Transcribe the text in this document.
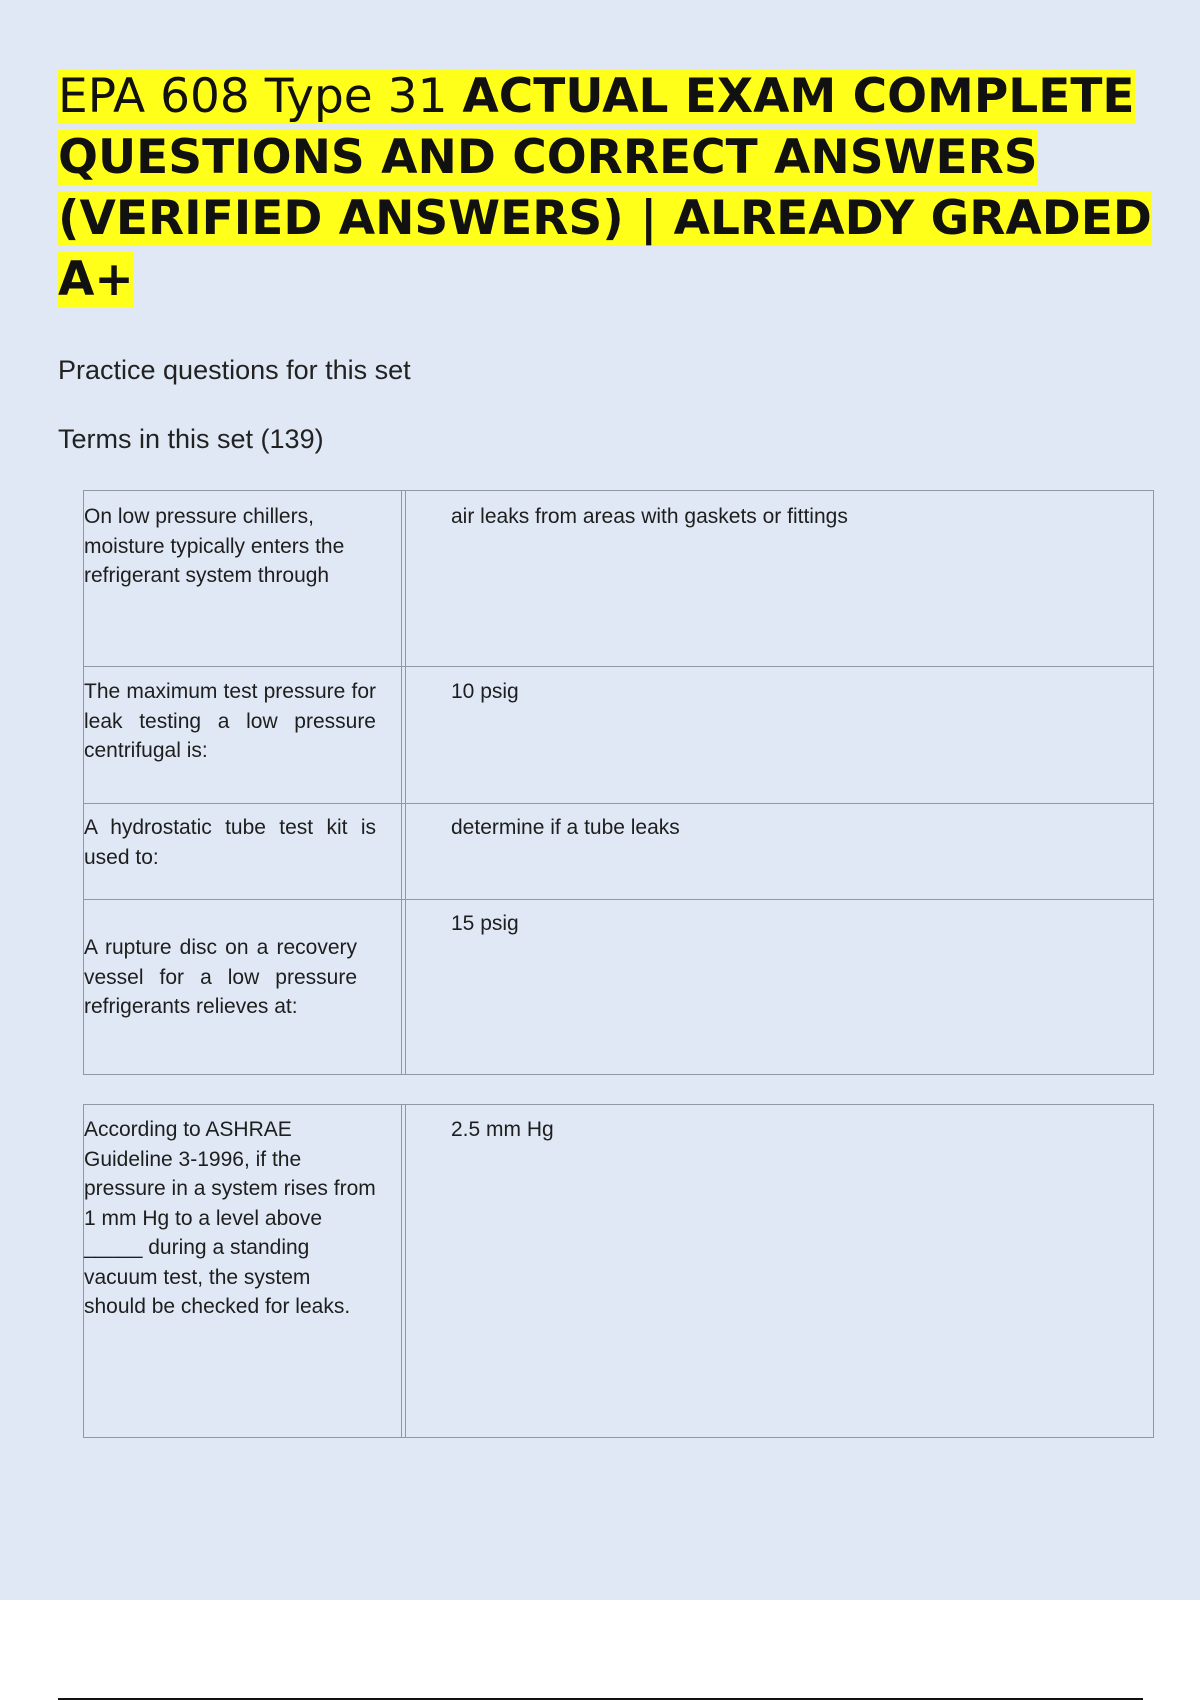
EPA 608 Type 31 ACTUAL EXAM COMPLETE QUESTIONS AND CORRECT ANSWERS (VERIFIED ANSWERS) | ALREADY GRADED A+
Practice questions for this set
Terms in this set (139)
On low pressure chillers, moisture typically enters the refrigerant system through
air leaks from areas with gaskets or fittings
The maximum test pressure for leak testing a low pressure centrifugal is:
10 psig
A hydrostatic tube test kit is used to:
determine if a tube leaks
A rupture disc on a recovery vessel for a low pressure refrigerants relieves at:
15 psig
According to ASHRAE Guideline 3-1996, if the pressure in a system rises from 1 mm Hg to a level above _____ during a standing vacuum test, the system should be checked for leaks.
2.5 mm Hg
